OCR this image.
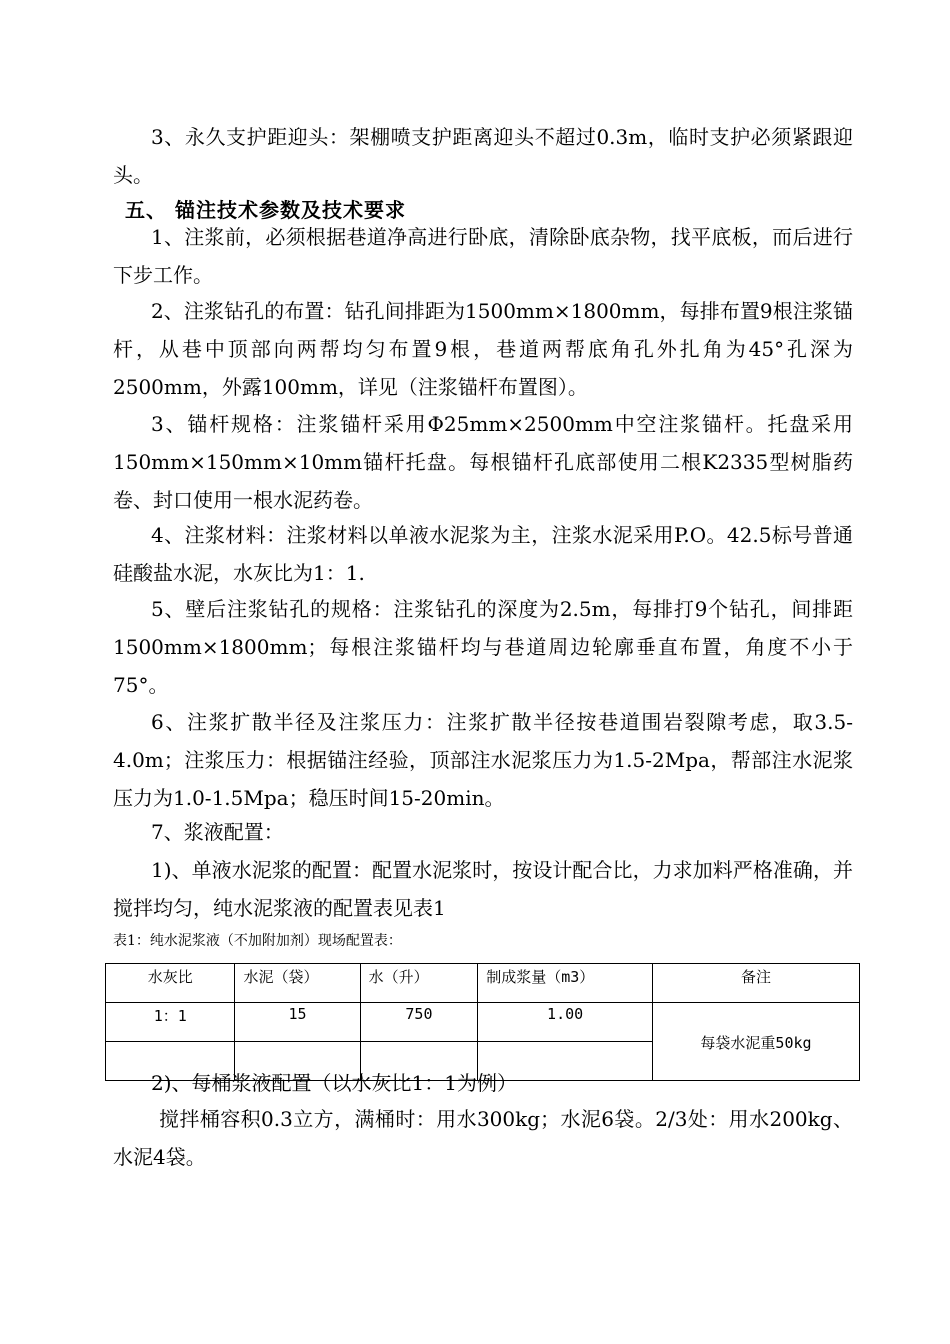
3、永久支护距迎头：架棚喷支护距离迎头不超过0.3m，临时支护必须紧跟迎头。

五、 锚注技术参数及技术要求

1、注浆前，必须根据巷道净高进行卧底，清除卧底杂物，找平底板，而后进行下步工作。

2、注浆钻孔的布置：钻孔间排距为1500mm×1800mm，每排布置9根注浆锚杆，从巷中顶部向两帮均匀布置9根，巷道两帮底角孔外扎角为45°孔深为2500mm，外露100mm，详见（注浆锚杆布置图）。

3、锚杆规格：注浆锚杆采用Φ25mm×2500mm中空注浆锚杆。托盘采用150mm×150mm×10mm锚杆托盘。每根锚杆孔底部使用二根K2335型树脂药卷、封口使用一根水泥药卷。

4、注浆材料：注浆材料以单液水泥浆为主，注浆水泥采用P.O。42.5标号普通硅酸盐水泥，水灰比为1：1.

5、壁后注浆钻孔的规格：注浆钻孔的深度为2.5m，每排打9个钻孔，间排距1500mm×1800mm；每根注浆锚杆均与巷道周边轮廓垂直布置，角度不小于75°。

6、注浆扩散半径及注浆压力：注浆扩散半径按巷道围岩裂隙考虑，取3.5-4.0m；注浆压力：根据锚注经验，顶部注水泥浆压力为1.5-2Mpa，帮部注水泥浆压力为1.0-1.5Mpa；稳压时间15-20min。

7、浆液配置：

1)、单液水泥浆的配置：配置水泥浆时，按设计配合比，力求加料严格准确，并搅拌均匀，纯水泥浆液的配置表见表1

表1：纯水泥浆液（不加附加剂）现场配置表：

水灰比	水泥（袋）	水（升）	制成浆量（m3）	备注
1：1	15	750	1.00	每袋水泥重50kg

2)、每桶浆液配置（以水灰比1：1为例）

搅拌桶容积0.3立方，满桶时：用水300kg；水泥6袋。2/3处：用水200kg、水泥4袋。
